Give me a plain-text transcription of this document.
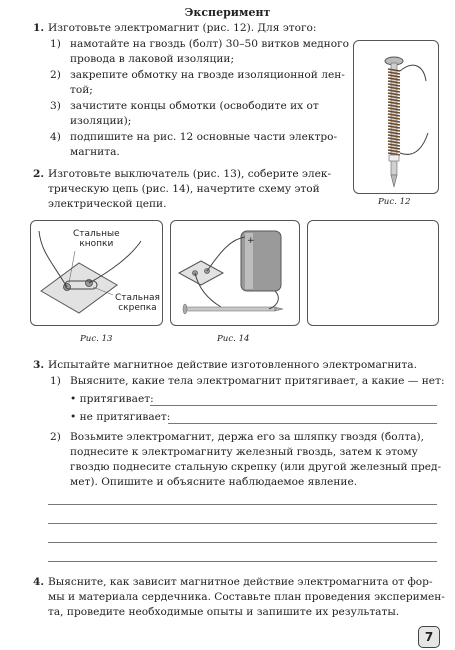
Эксперимент
1. Изготовьте электромагнит (рис. 12). Для этого:
1) намотайте на гвоздь (болт) 30–50 витков медного
провода в лаковой изоляции;
2) закрепите обмотку на гвозде изоляционной лен-
той;
3) зачистите концы обмотки (освободите их от
изоляции);
4) подпишите на рис. 12 основные части электро-
магнита.
Рис. 12
2. Изготовьте выключатель (рис. 13), соберите элек-
трическую цепь (рис. 14), начертите схему этой
электрической цепи.
Стальные
кнопки
Стальная
скрепка
Рис. 13
+
Рис. 14
3. Испытайте магнитное действие изготовленного электромагнита.
1) Выясните, какие тела электромагнит притягивает, а какие — нет:
• притягивает:
• не притягивает:
2) Возьмите электромагнит, держа его за шляпку гвоздя (болта),
поднесите к электромагниту железный гвоздь, затем к этому
гвоздю поднесите стальную скрепку (или другой железный пред-
мет). Опишите и объясните наблюдаемое явление.
4. Выясните, как зависит магнитное действие электромагнита от фор-
мы и материала сердечника. Составьте план проведения эксперимен-
та, проведите необходимые опыты и запишите их результаты.
7
